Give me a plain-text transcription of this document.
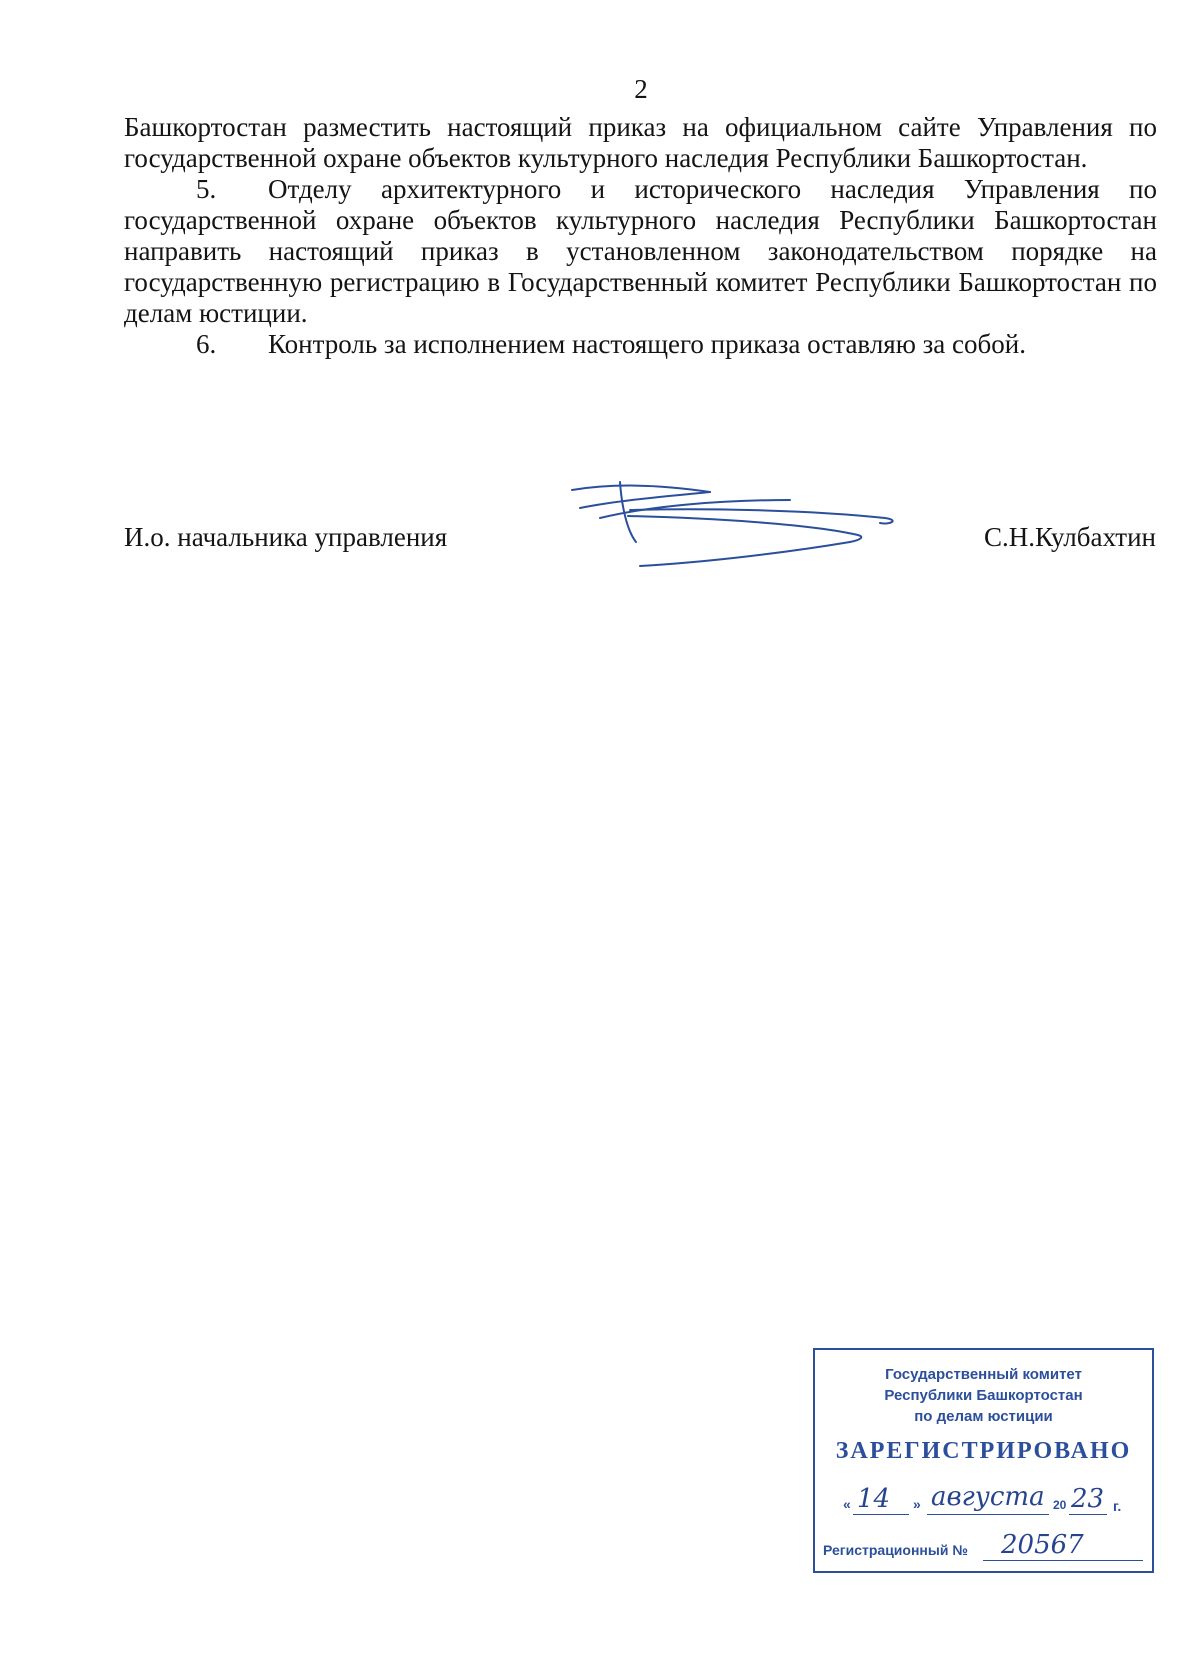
2

Башкортостан разместить настоящий приказ на официальном сайте Управления по государственной охране объектов культурного наследия Республики Башкортостан.

5. Отделу архитектурного и исторического наследия Управления по государственной охране объектов культурного наследия Республики Башкортостан направить настоящий приказ в установленном законодательством порядке на государственную регистрацию в Государственный комитет Республики Башкортостан по делам юстиции.

6. Контроль за исполнением настоящего приказа оставляю за собой.

И.о. начальника управления	С.Н.Кулбахтин
Государственный комитет
Республики Башкортостан
по делам юстиции
ЗАРЕГИСТРИРОВАНО
« 14 » августа 20 23 г.
Регистрационный № 20567
